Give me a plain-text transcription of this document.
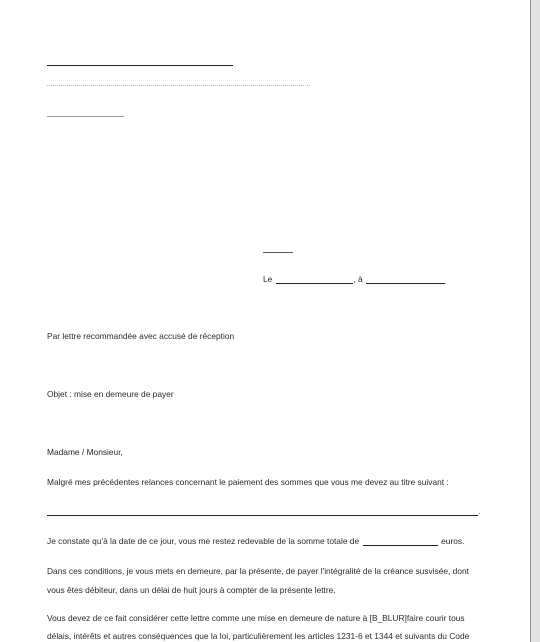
Le	, à
Par lettre recommandée avec accusé de réception
Objet : mise en demeure de payer
Madame / Monsieur,
Malgré mes précédentes relances concernant le paiement des sommes que vous me devez au titre suivant :
.
Je constate qu'à la date de ce jour, vous me restez redevable de la somme totale de	euros.
Dans ces conditions, je vous mets en demeure, par la présente, de payer l'intégralité de la créance susvisée, dont
vous êtes débiteur, dans un délai de huit jours à compter de la présente lettre.
Vous devez de ce fait considérer cette lettre comme une mise en demeure de nature à [B_BLUR]faire courir tous
délais, intérêts et autres conséquences que la loi, particulièrement les articles 1231-6 et 1344 et suivants du Code
